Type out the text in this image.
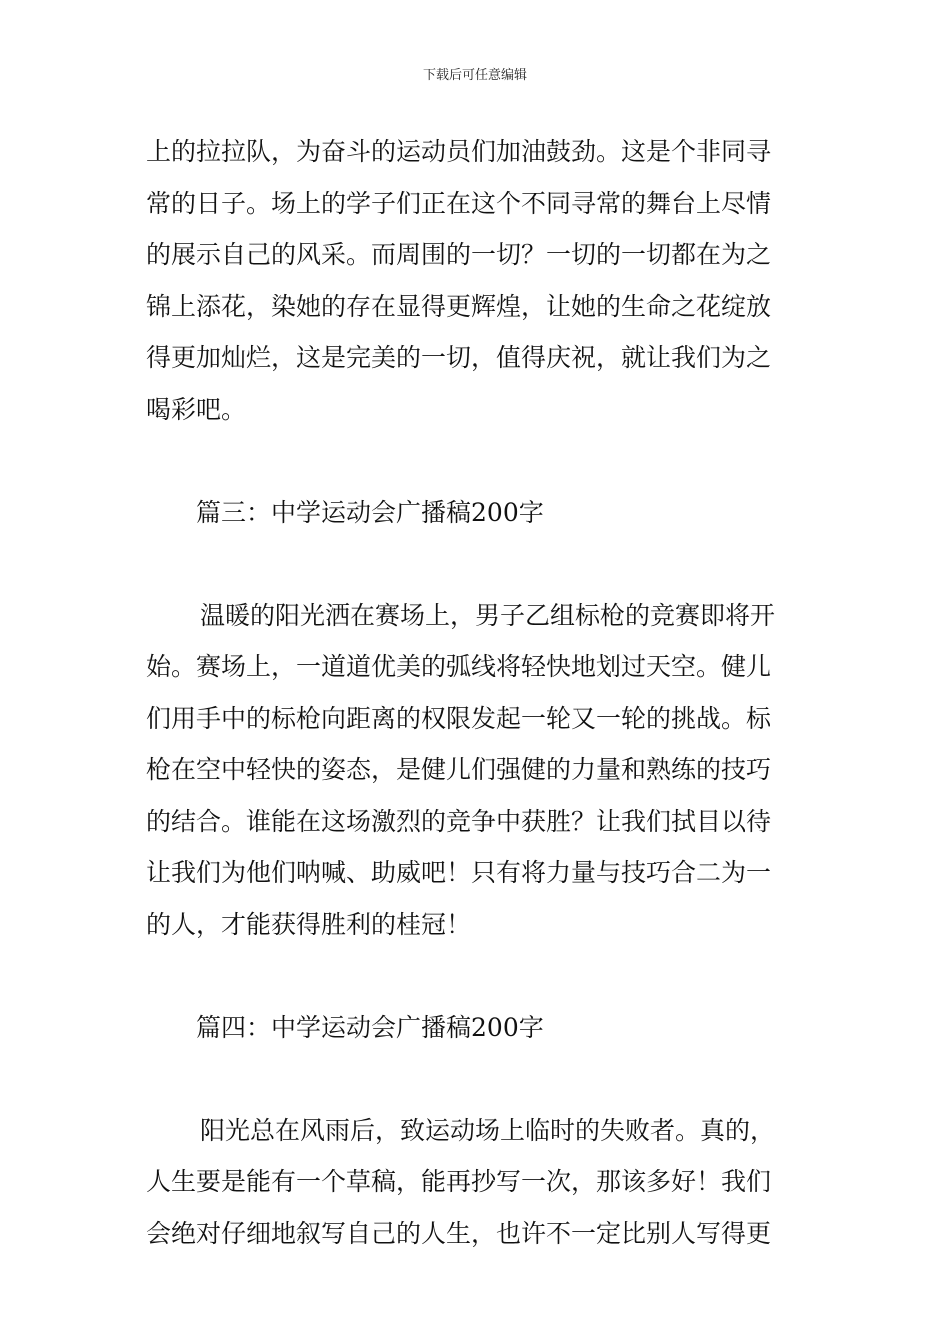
下载后可任意编辑
上的拉拉队，为奋斗的运动员们加油鼓劲。这是个非同寻
常的日子。场上的学子们正在这个不同寻常的舞台上尽情
的展示自己的风采。而周围的一切？一切的一切都在为之
锦上添花，染她的存在显得更辉煌，让她的生命之花绽放
得更加灿烂，这是完美的一切，值得庆祝，就让我们为之
喝彩吧。
篇三：中学运动会广播稿200字
温暖的阳光洒在赛场上，男子乙组标枪的竞赛即将开
始。赛场上，一道道优美的弧线将轻快地划过天空。健儿
们用手中的标枪向距离的权限发起一轮又一轮的挑战。标
枪在空中轻快的姿态，是健儿们强健的力量和熟练的技巧
的结合。谁能在这场激烈的竞争中获胜？让我们拭目以待
让我们为他们呐喊、助威吧！只有将力量与技巧合二为一
的人，才能获得胜利的桂冠！
篇四：中学运动会广播稿200字
阳光总在风雨后，致运动场上临时的失败者。真的，
人生要是能有一个草稿，能再抄写一次，那该多好！我们
会绝对仔细地叙写自己的人生，也许不一定比别人写得更
